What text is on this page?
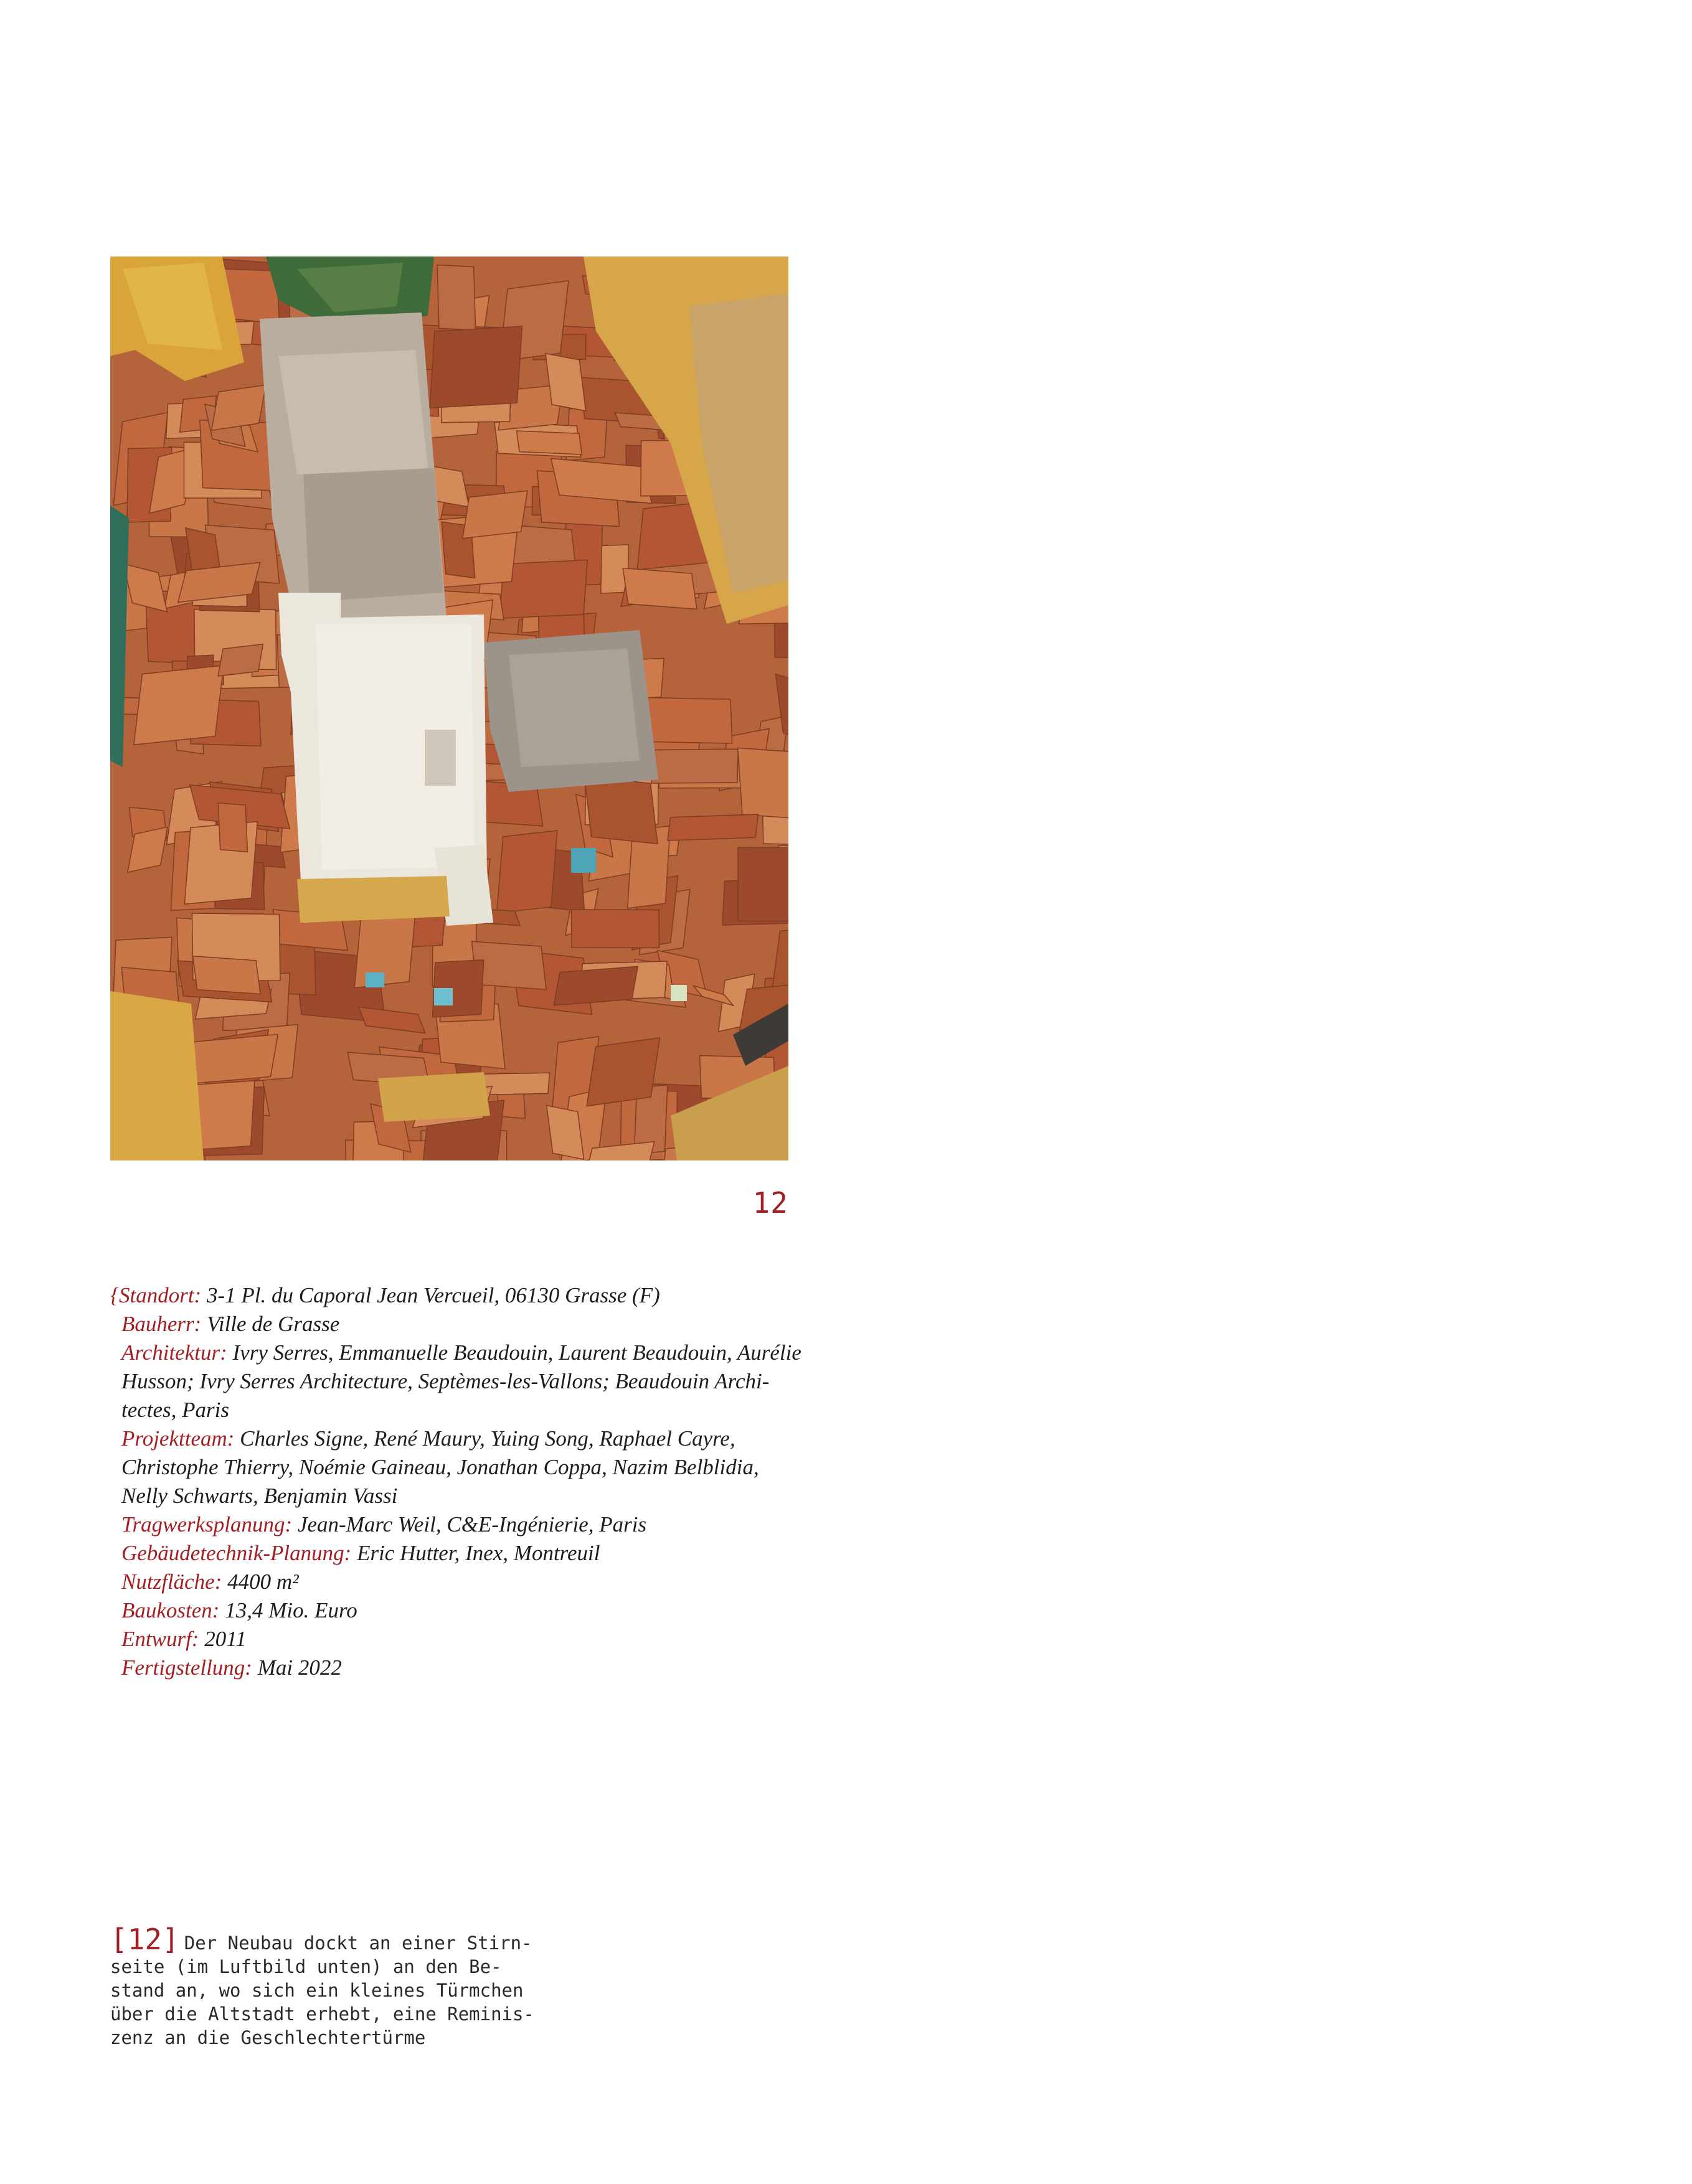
12
{Standort: 3-1 Pl. du Caporal Jean Vercueil, 06130 Grasse (F)
Bauherr: Ville de Grasse
Architektur: Ivry Serres, Emmanuelle Beaudouin, Laurent Beaudouin, Aurélie
Husson; Ivry Serres Architecture, Septèmes-les-Vallons; Beaudouin Archi-
tectes, Paris
Projektteam: Charles Signe, René Maury, Yuing Song, Raphael Cayre,
Christophe Thierry, Noémie Gaineau, Jonathan Coppa, Nazim Belblidia,
Nelly Schwarts, Benjamin Vassi
Tragwerksplanung: Jean-Marc Weil, C&E-Ingénierie, Paris
Gebäudetechnik-Planung: Eric Hutter, Inex, Montreuil
Nutzfläche: 4400 m²
Baukosten: 13,4 Mio. Euro
Entwurf: 2011
Fertigstellung: Mai 2022
[12] Der Neubau dockt an einer Stirn-
seite (im Luftbild unten) an den Be-
stand an, wo sich ein kleines Türmchen
über die Altstadt erhebt, eine Reminis-
zenz an die Geschlechtertürme
